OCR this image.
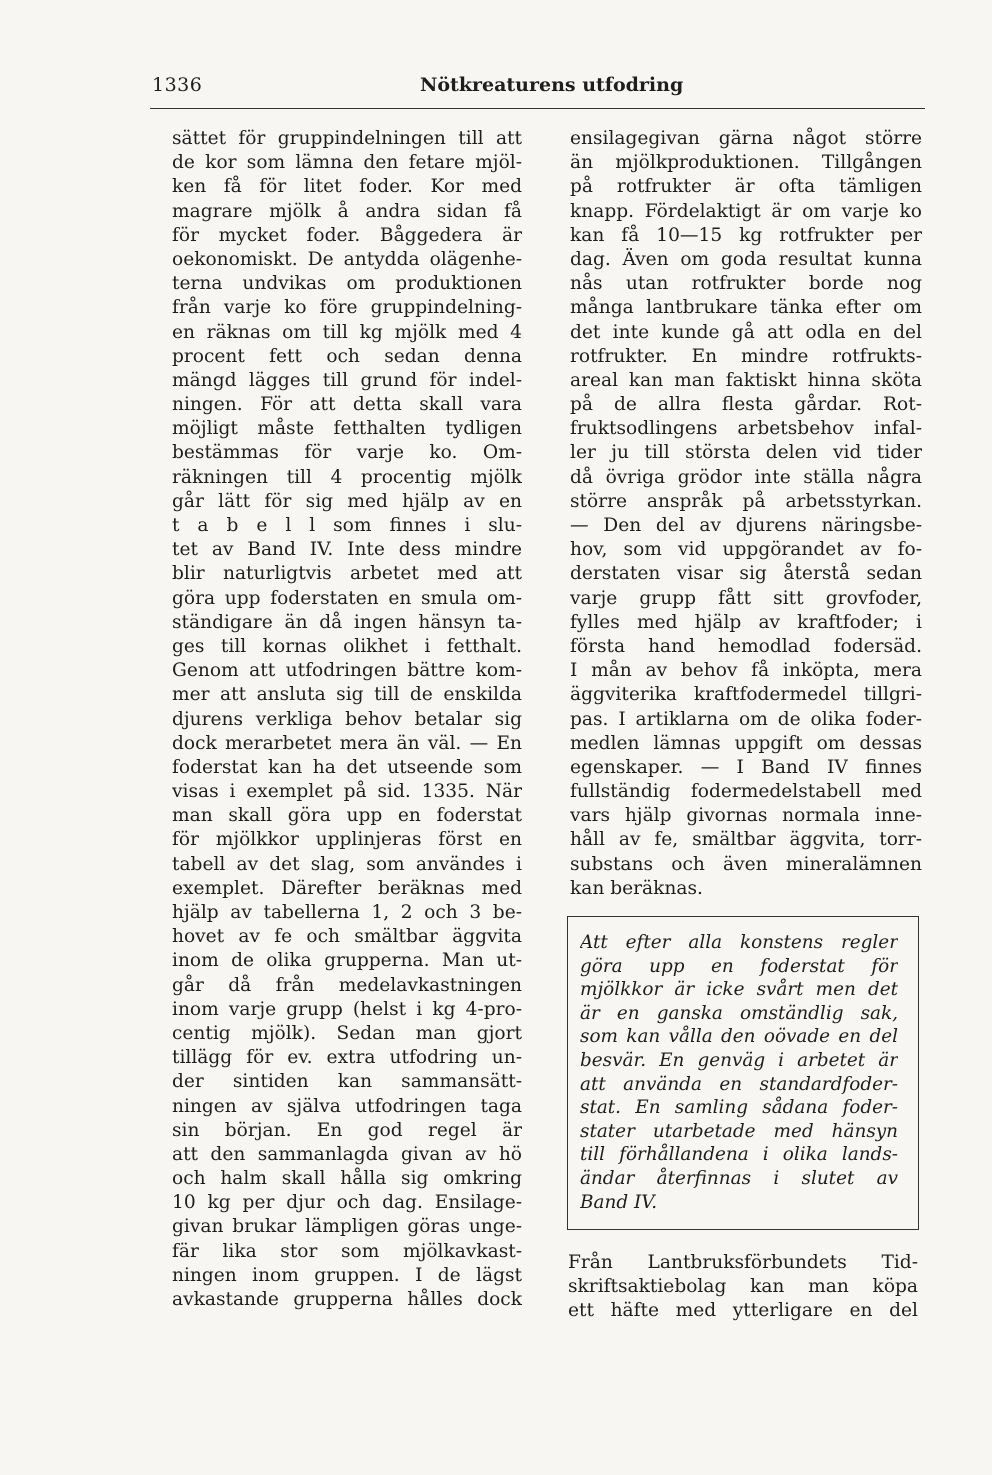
1336	Nötkreaturens utfodring
sättet för gruppindelningen till att
de kor som lämna den fetare mjöl-
ken få för litet foder. Kor med
magrare mjölk å andra sidan få
för mycket foder. Båggedera är
oekonomiskt. De antydda olägenhe-
terna undvikas om produktionen
från varje ko före gruppindelning-
en räknas om till kg mjölk med 4
procent fett och sedan denna
mängd lägges till grund för indel-
ningen. För att detta skall vara
möjligt måste fetthalten tydligen
bestämmas för varje ko. Om-
räkningen till 4 procentig mjölk
går lätt för sig med hjälp av en
t a b e l l som finnes i slu-
tet av Band IV. Inte dess mindre
blir naturligtvis arbetet med att
göra upp foderstaten en smula om-
ständigare än då ingen hänsyn ta-
ges till kornas olikhet i fetthalt.
Genom att utfodringen bättre kom-
mer att ansluta sig till de enskilda
djurens verkliga behov betalar sig
dock merarbetet mera än väl. — En
foderstat kan ha det utseende som
visas i exemplet på sid. 1335. När
man skall göra upp en foderstat
för mjölkkor upplinjeras först en
tabell av det slag, som användes i
exemplet. Därefter beräknas med
hjälp av tabellerna 1, 2 och 3 be-
hovet av fe och smältbar äggvita
inom de olika grupperna. Man ut-
går då från medelavkastningen
inom varje grupp (helst i kg 4-pro-
centig mjölk). Sedan man gjort
tillägg för ev. extra utfodring un-
der sintiden kan sammansätt-
ningen av själva utfodringen taga
sin början. En god regel är
att den sammanlagda givan av hö
och halm skall hålla sig omkring
10 kg per djur och dag. Ensilage-
givan brukar lämpligen göras unge-
fär lika stor som mjölkavkast-
ningen inom gruppen. I de lägst
avkastande grupperna hålles dock
ensilagegivan gärna något större
än mjölkproduktionen. Tillgången
på rotfrukter är ofta tämligen
knapp. Fördelaktigt är om varje ko
kan få 10—15 kg rotfrukter per
dag. Även om goda resultat kunna
nås utan rotfrukter borde nog
många lantbrukare tänka efter om
det inte kunde gå att odla en del
rotfrukter. En mindre rotfrukts-
areal kan man faktiskt hinna sköta
på de allra flesta gårdar. Rot-
fruktsodlingens arbetsbehov infal-
ler ju till största delen vid tider
då övriga grödor inte ställa några
större anspråk på arbetsstyrkan.
— Den del av djurens näringsbe-
hov, som vid uppgörandet av fo-
derstaten visar sig återstå sedan
varje grupp fått sitt grovfoder,
fylles med hjälp av kraftfoder; i
första hand hemodlad fodersäd.
I mån av behov få inköpta, mera
äggviterika kraftfodermedel tillgri-
pas. I artiklarna om de olika foder-
medlen lämnas uppgift om dessas
egenskaper. — I Band IV finnes
fullständig fodermedelstabell med
vars hjälp givornas normala inne-
håll av fe, smältbar äggvita, torr-
substans och även mineralämnen
kan beräknas.
Att efter alla konstens regler
göra upp en foderstat för
mjölkkor är icke svårt men det
är en ganska omständlig sak,
som kan vålla den oövade en del
besvär. En genväg i arbetet är
att använda en standardfoder-
stat. En samling sådana foder-
stater utarbetade med hänsyn
till förhållandena i olika lands-
ändar återfinnas i slutet av
Band IV.
Från Lantbruksförbundets Tid-
skriftsaktiebolag kan man köpa
ett häfte med ytterligare en del
